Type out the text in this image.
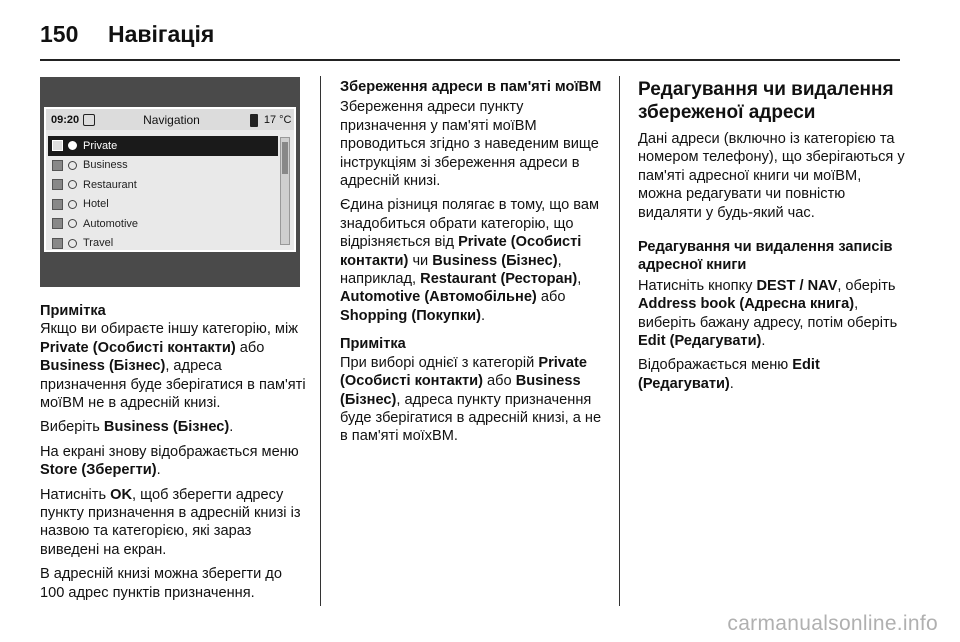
150	Навігація
09:20	Navigation	17 °C
Private
Business
Restaurant
Hotel
Automotive
Travel

Примітка

Якщо ви обираєте іншу категорію, між Private (Особисті контакти) або Business (Бізнес), адреса призначення буде зберігатися в пам'яті моїВМ не в адресній книзі.

Виберіть Business (Бізнес).

На екрані знову відображається меню Store (Зберегти).

Натисніть OK, щоб зберегти адресу пункту призначення в адресній книзі із назвою та категорією, які зараз виведені на екран.

В адресній книзі можна зберегти до 100 адрес пунктів призначення.

Збереження адреси в пам'яті моїВМ

Збереження адреси пункту призначення у пам'яті моїВМ проводиться згідно з наведеним вище інструкціям зі збереження адреси в адресній книзі.

Єдина різниця полягає в тому, що вам знадобиться обрати категорію, що відрізняється від Private (Особисті контакти) чи Business (Бізнес), наприклад, Restaurant (Ресторан), Automotive (Автомобільне) або Shopping (Покупки).

Примітка

При виборі однієї з категорій Private (Особисті контакти) або Business (Бізнес), адреса пункту призначення буде зберігатися в адресній книзі, а не в пам'яті моїхВМ.

Редагування чи видалення збереженої адреси

Дані адреси (включно із категорією та номером телефону), що зберігаються у пам'яті адресної книги чи моїВМ, можна редагувати чи повністю видаляти у будь-який час.

Редагування чи видалення записів адресної книги

Натисніть кнопку DEST / NAV, оберіть Address book (Адресна книга), виберіть бажану адресу, потім оберіть Edit (Редагувати).

Відображається меню Edit (Редагувати).

carmanualsonline.info
